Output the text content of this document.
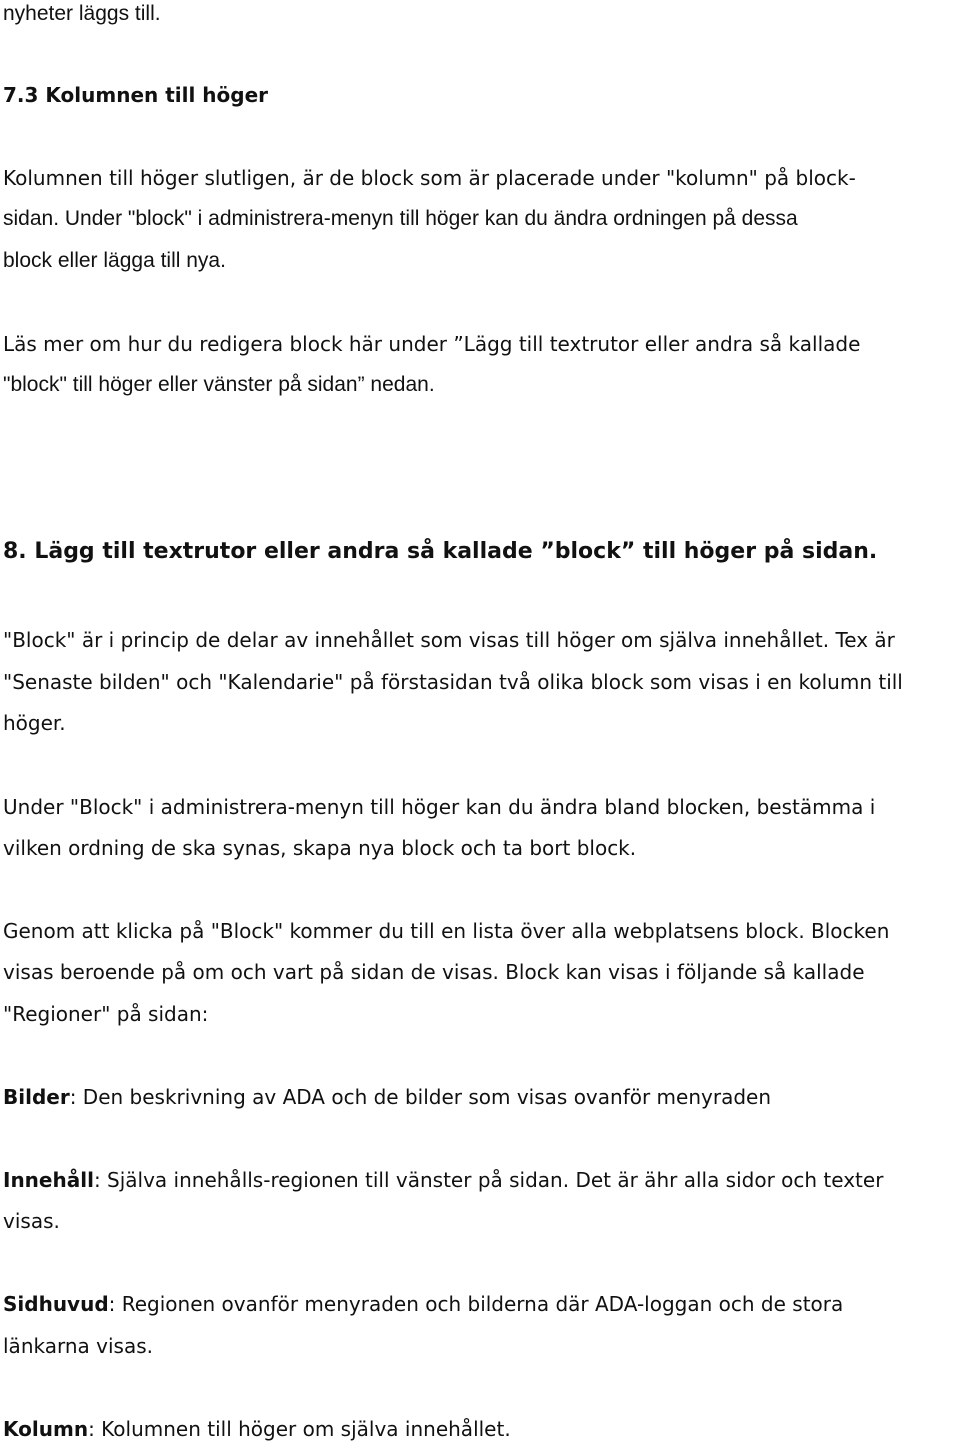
nyheter läggs till.
7.3 Kolumnen till höger
Kolumnen till höger slutligen, är de block som är placerade under "kolumn" på block-
sidan. Under "block" i administrera-menyn till höger kan du ändra ordningen på dessa
block eller lägga till nya.
Läs mer om hur du redigera block här under ”Lägg till textrutor eller andra så kallade
"block" till höger eller vänster på sidan” nedan.
8. Lägg till textrutor eller andra så kallade ”block” till höger på sidan.
"Block" är i princip de delar av innehållet som visas till höger om själva innehållet. Tex är
"Senaste bilden" och "Kalendarie" på förstasidan två olika block som visas i en kolumn till
höger.
Under "Block" i administrera-menyn till höger kan du ändra bland blocken, bestämma i
vilken ordning de ska synas, skapa nya block och ta bort block.
Genom att klicka på "Block" kommer du till en lista över alla webplatsens block. Blocken
visas beroende på om och vart på sidan de visas. Block kan visas i följande så kallade
"Regioner" på sidan:
Bilder: Den beskrivning av ADA och de bilder som visas ovanför menyraden
Innehåll: Själva innehålls-regionen till vänster på sidan. Det är ähr alla sidor och texter
visas.
Sidhuvud: Regionen ovanför menyraden och bilderna där ADA-loggan och de stora
länkarna visas.
Kolumn: Kolumnen till höger om själva innehållet.
